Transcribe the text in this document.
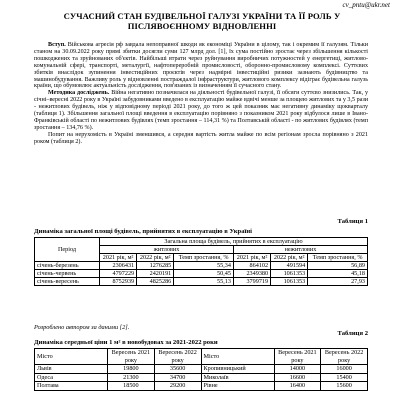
cv_pntu@ukr.net
СУЧАСНИЙ СТАН БУДІВЕЛЬНОЇ ГАЛУЗІ УКРАЇНИ ТА ЇЇ РОЛЬ У ПІСЛЯВОЄННОМУ ВІДНОВЛЕННІ

Вступ. Військова агресія рф завдала непоправної шкоди як економіці України в цілому, так і окремим її галузям. Тільки станом на 30.09.2022 року прямі збитки досягли суми 127 млрд дол. [1], їх сума постійно зростає через збільшення кількості пошкоджених та зруйнованих об'єктів. Найбільші втрати через руйнування виробничих потужностей у енергетиці, житлово-комунальній сфері, транспорті, металургії, нафтопереробній промисловості, оборонно-промисловому комплексі. Суттєвих збитків внаслідок зупинення інвестиційних проєктів через надмірні інвестиційні ризики зазнають будівництво та машинобудування. Важливу роль у відновленні постраждалої інфраструктури, житлового комплексу відіграє будівельна галузь країни, що обумовлює актуальність дослідження, пов'язаних із визначенням її сучасного стану.

Методика досліджень. Війна негативно позначилася на діяльності будівельної галузі, її обсяги суттєво знизились. Так, у січні–вересні 2022 року в Україні забудовниками введено в експлуатацію майже вдвічі менше за площею житлових та у 3,5 рази - нежитлових будівель, ніж у відповідному періоді 2021 року, до того ж цей показник має негативну динаміку щокварталу (таблиця 1). Збільшення загальної площі введення в експлуатацію порівняно з показником 2021 року відбулося лише в Івано-Франківській області по нежитлових будівлях (темп зростання – 114,31 %) та Полтавській області - по житлових будівлях (темп зростання – 134,76 %).

Попит на нерухомість в Україні зменшився, а середня вартість житла майже по всім регіонам зросла порівняно з 2021 роком (таблиця 2).

Таблиця 1
Динаміка загальної площі будівель, прийнятих в експлуатацію в Україні
Період	Загальна площа будівель, прийнятих в експлуатацію					
	житлових			нежитлових		
	2021 рік, м²	2022 рік, м²	Темп зростання, %	2021 рік, м²	2022 рік, м²	Темп зростання, %
січень-березень	2306431	1276285	55,34	864102	491594	56,89
січень-червень	4797229	2420191	50,45	2349380	1061353	45,18
січень-вересень	8752939	4825286	55,13	3799719	1061353	27,93
Розроблено автором за даними [2].
Таблиця 2
Динаміка середньої ціни 1 м² в новобудовах за 2021-2022 роки
Місто	Вересень 2021 року	Вересень 2022 року	Місто	Вересень 2021 року	Вересень 2022 року
Львів	19800	35600	Кропивницький	14000	16000
Одеса	21300	34700	Миколаїв	16600	15400
Полтава	18500	29200	Рівне	16400	15600
